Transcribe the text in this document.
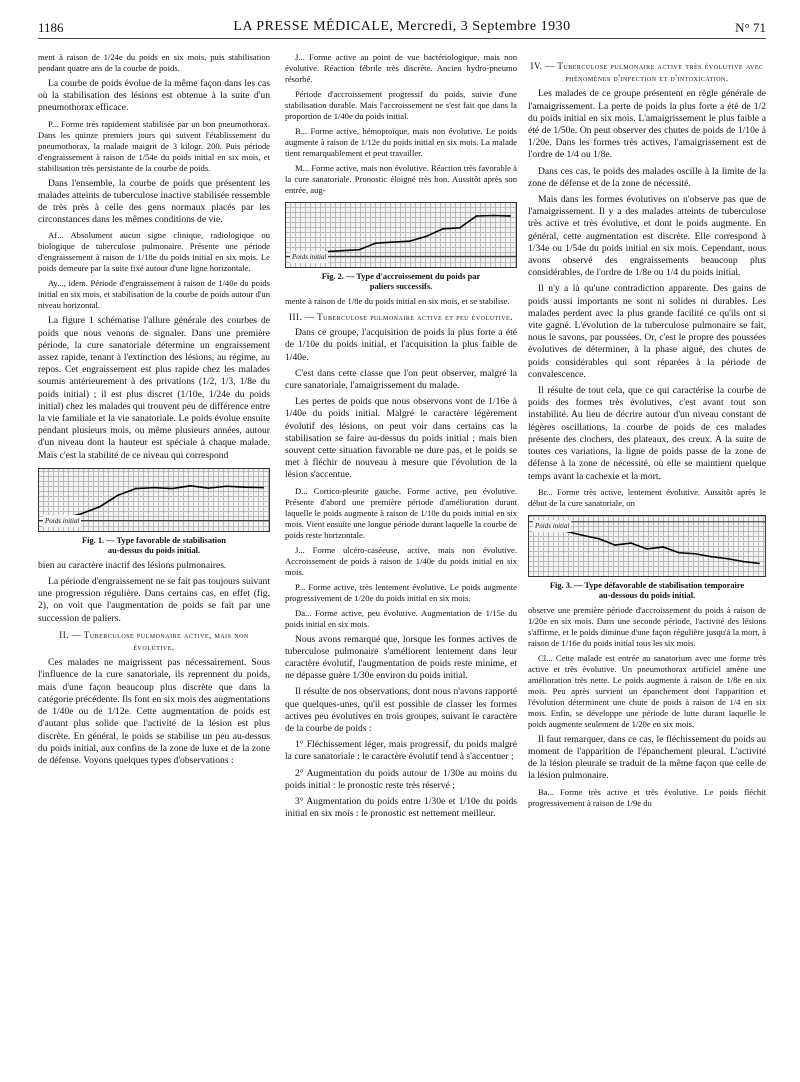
1186	LA PRESSE MÉDICALE, Mercredi, 3 Septembre 1930	N° 71

ment à raison de 1/24e du poids en six mois, puis stabilisation pendant quatre ans de la courbe de poids.

La courbe de poids évolue de la même façon dans les cas où la stabilisation des lésions est obtenue à la suite d'un pneumothorax efficace.

P... Forme très rapidement stabilisée par un bon pneumothorax. Dans les quinze premiers jours qui suivent l'établissement du pneumothorax, la malade maigrit de 3 kilogr. 200. Puis période d'engraissement à raison de 1/54e du poids initial en six mois, et stabilisation très persistante de la courbe de poids.

Dans l'ensemble, la courbe de poids que présentent les malades atteints de tuberculose inactive stabilisée ressemble de très près à celle des gens normaux placés par les circonstances dans les mêmes conditions de vie.

Af... Absolument aucun signe clinique, radiologique ou biologique de tuberculose pulmonaire. Présente une période d'engraissement à raison de 1/18e du poids initial en six mois. Le poids demeure par la suite fixé autour d'une ligne horizontale.

Ay..., idem. Période d'engraissement à raison de 1/40e du poids initial en six mois, et stabilisation de la courbe de poids autour d'un niveau horizontal.

La figure 1 schématise l'allure générale des courbes de poids que nous venons de signaler. Dans une première période, la cure sanatoriale détermine un engraissement assez rapide, tenant à l'extinction des lésions, au régime, au repos. Cet engraissement est plus rapide chez les malades soumis antérieurement à des privations (1/2, 1/3, 1/8e du poids initial) ; il est plus discret (1/10e, 1/24e du poids initial) chez les malades qui trouvent peu de différence entre la vie familiale et la vie sanatoriale. Le poids évolue ensuite pendant plusieurs mois, ou même plusieurs années, autour d'un niveau dont la hauteur est spéciale à chaque malade. Mais c'est la stabilité de ce niveau qui correspond

Poids initial
Fig. 1. — Type favorable de stabilisation
au-dessus du poids initial.

bien au caractère inactif des lésions pulmonaires.

La période d'engraissement ne se fait pas toujours suivant une progression régulière. Dans certains cas, en effet (fig. 2), on voit que l'augmentation de poids se fait par une succession de paliers.

II. — Tuberculose pulmonaire active, mais non évolutive.

Ces malades ne maigrissent pas nécessairement. Sous l'influence de la cure sanatoriale, ils reprennent du poids, mais d'une façon beaucoup plus discrète que dans la catégorie précédente. Ils font en six mois des augmentations de 1/40e ou de 1/12e. Cette augmentation de poids est d'autant plus solide que l'activité de la lésion est plus discrète. En général, le poids se stabilise un peu au-dessus du poids initial, aux confins de la zone de luxe et de la zone de défense. Voyons quelques types d'observations :

J... Forme active au point de vue bactériologique, mais non évolutive. Réaction fébrile très discrète. Ancien hydro-pneumo résorbé.

Période d'accroissement progressif du poids, suivie d'une stabilisation durable. Mais l'accroissement ne s'est fait que dans la proportion de 1/40e du poids initial.

B... Forme active, hémoptoïque, mais non évolutive. Le poids augmente à raison de 1/12e du poids initial en six mois. La malade tient remarquablement et peut travailler.

M... Forme active, mais non évolutive. Réaction très favorable à la cure sanatoriale. Pronostic éloigné très bon. Aussitôt après son entrée, aug-

Poids initial
Fig. 2. — Type d'accroissement du poids par
paliers successifs.

mente à raison de 1/8e du poids initial en six mois, et se stabilise.

III. — Tuberculose pulmonaire active et peu évolutive.

Dans ce groupe, l'acquisition de poids la plus forte a été de 1/10e du poids initial, et l'acquisition la plus faible de 1/40e.

C'est dans cette classe que l'on peut observer, malgré la cure sanatoriale, l'amaigrissement du malade.

Les pertes de poids que nous observons vont de 1/16e à 1/40e du poids initial. Malgré le caractère légèrement évolutif des lésions, on peut voir dans certains cas la stabilisation se faire au-dessus du poids initial ; mais bien souvent cette situation favorable ne dure pas, et le poids se met à fléchir de nouveau à mesure que l'évolution de la lésion s'accentue.

D... Cortico-pleurite gauche. Forme active, peu évolutive. Présente d'abord une première période d'amélioration durant laquelle le poids augmente à raison de 1/10e du poids initial en six mois. Vient ensuite une longue période durant laquelle la courbe de poids reste horizontale.

J... Forme ulcéro-caséeuse, active, mais non évolutive. Accroissement de poids à raison de 1/40e du poids initial en six mois.

P... Forme active, très lentement évolutive. Le poids augmente progressivement de 1/20e du poids initial en six mois.

Da... Forme active, peu évolutive. Augmentation de 1/15e du poids initial en six mois.

Nous avons remarqué que, lorsque les formes actives de tuberculose pulmonaire s'améliorent lentement dans leur caractère évolutif, l'augmentation de poids reste minime, et ne dépasse guère 1/30e environ du poids initial.

Il résulte de nos observations, dont nous n'avons rapporté que quelques-unes, qu'il est possible de classer les formes actives peu évolutives en trois groupes, suivant le caractère de la courbe de poids :

1° Fléchissement léger, mais progressif, du poids malgré la cure sanatoriale : le caractère évolutif tend à s'accentuer ;

2° Augmentation du poids autour de 1/30e au moins du poids initial : le pronostic reste très réservé ;

3° Augmentation du poids entre 1/30e et 1/10e du poids initial en six mois : le pronostic est nettement meilleur.

IV. — Tuberculose pulmonaire active très évolutive avec phénomènes d'infection et d'intoxication.

Les malades de ce groupe présentent en règle générale de l'amaigrissement. La perte de poids la plus forte a été de 1/2 du poids initial en six mois. L'amaigrissement le plus faible a été de 1/50e. On peut observer des chutes de poids de 1/10e à 1/20e. Dans les formes très actives, l'amaigrissement est de l'ordre de 1/4 ou 1/8e.

Dans ces cas, le poids des malades oscille à la limite de la zone de défense et de la zone de nécessité.

Mais dans les formes évolutives on n'observe pas que de l'amaigrissement. Il y a des malades atteints de tuberculose très active et très évolutive, et dont le poids augmente. En général, cette augmentation est discrète. Elle correspond à 1/34e ou 1/54e du poids initial en six mois. Cependant, nous avons observé des engraissements beaucoup plus considérables, de l'ordre de 1/8e ou 1/4 du poids initial.

Il n'y a là qu'une contradiction apparente. Des gains de poids aussi importants ne sont ni solides ni durables. Les malades perdent avec la plus grande facilité ce qu'ils ont si vite gagné. L'évolution de la tuberculose pulmonaire se fait, nous le savons, par poussées. Or, c'est le propre des poussées évolutives de déterminer, à la phase aiguë, des chutes de poids considérables qui sont réparées à la période de convalescence.

Il résulte de tout cela, que ce qui caractérise la courbe de poids des formes très évolutives, c'est avant tout son instabilité. Au lieu de décrire autour d'un niveau constant de légères oscillations, la courbe de poids de ces malades présente des clochers, des plateaux, des creux. A la suite de toutes ces variations, la ligne de poids passe de la zone de défense à la zone de nécessité, où elle se maintient quelque temps avant la cachexie et la mort.

Br... Forme très active, lentement évolutive. Aussitôt après le début de la cure sanatoriale, on

Poids initial
Fig. 3. — Type défavorable de stabilisation temporaire
au-dessous du poids initial.

observe une première période d'accroissement du poids à raison de 1/20e en six mois. Dans une seconde période, l'activité des lésions s'affirme, et le poids diminue d'une façon régulière jusqu'à la mort, à raison de 1/16e du poids initial tous les six mois.

Cl... Cette malade est entrée au sanatorium avec une forme très active et très évolutive. Un pneumothorax artificiel amène une amélioration très nette. Le poids augmente à raison de 1/8e en six mois. Peu après survient un épanchement dont l'apparition et l'évolution déterminent une chute de poids à raison de 1/4 en six mois. Enfin, se développe une période de lutte durant laquelle le poids augmente seulement de 1/20e en six mois.

Il faut remarquer, dans ce cas, le fléchissement du poids au moment de l'apparition de l'épanchement pleural. L'activité de la lésion pleurale se traduit de la même façon que celle de la lésion pulmonaire.

Ba... Forme très active et très évolutive. Le poids fléchit progressivement à raison de 1/9e du
